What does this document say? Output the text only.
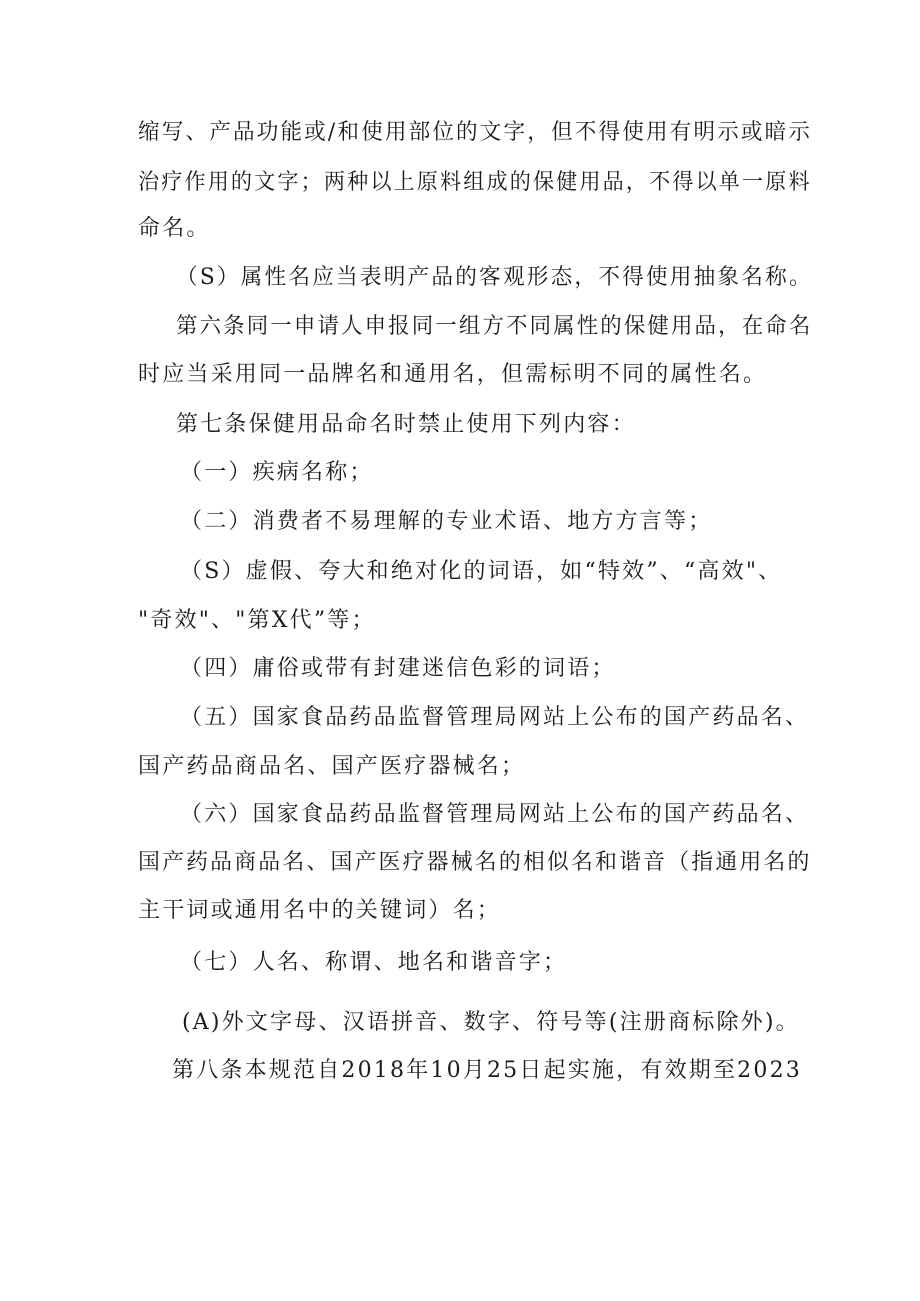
缩写、产品功能或/和使用部位的文字，但不得使用有明示或暗示
治疗作用的文字；两种以上原料组成的保健用品，不得以单一原料
命名。
（S）属性名应当表明产品的客观形态，不得使用抽象名称。
第六条同一申请人申报同一组方不同属性的保健用品，在命名
时应当采用同一品牌名和通用名，但需标明不同的属性名。
第七条保健用品命名时禁止使用下列内容：
（一）疾病名称；
（二）消费者不易理解的专业术语、地方方言等；
（S）虚假、夸大和绝对化的词语，如“特效”、“高效"、
"奇效"、"第X代”等；
（四）庸俗或带有封建迷信色彩的词语；
（五）国家食品药品监督管理局网站上公布的国产药品名、
国产药品商品名、国产医疗器械名；
（六）国家食品药品监督管理局网站上公布的国产药品名、
国产药品商品名、国产医疗器械名的相似名和谐音（指通用名的
主干词或通用名中的关键词）名；
（七）人名、称谓、地名和谐音字；
(A)外文字母、汉语拼音、数字、符号等(注册商标除外)。
第八条本规范自2018年10月25日起实施，有效期至2023
